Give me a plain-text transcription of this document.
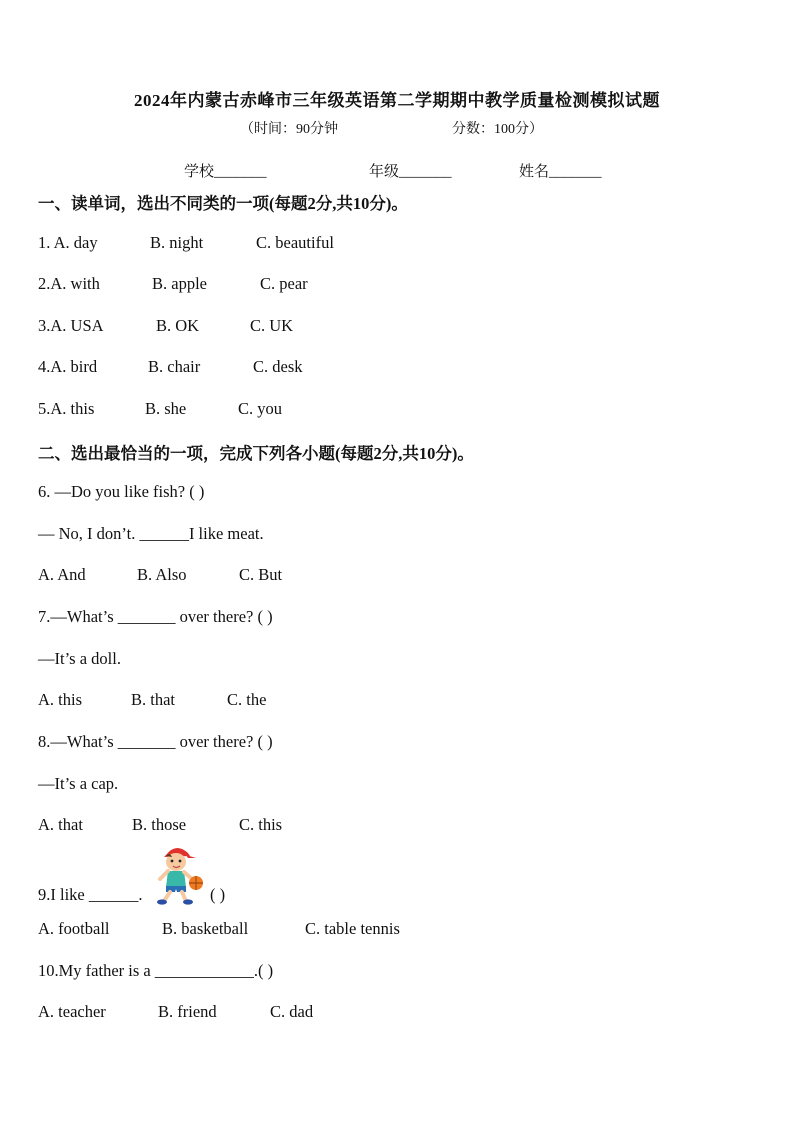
2024年内蒙古赤峰市三年级英语第二学期期中教学质量检测模拟试题
（时间：90分钟	分数：100分）
学校_______	年级_______	姓名_______
一、读单词，选出不同类的一项(每题2分,共10分)。
1. A. day	B. night	C. beautiful
2.A. with	B. apple	C. pear
3.A. USA	B. OK	C. UK
4.A. bird	B. chair	C. desk
5.A. this	B. she	C. you
二、选出最恰当的一项，完成下列各小题(每题2分,共10分)。
6. —Do you like fish? ( )
— No, I don’t. ______I like meat.
A. And	B. Also	C. But
7.—What’s _______ over there? ( )
—It’s a doll.
A. this	B. that	C. the
8.—What’s _______ over there? ( )
—It’s a cap.
A. that	B. those	C. this
9.I like ______.	( )
A. football	B. basketball	C. table tennis
10.My father is a ____________.( )
A. teacher	B. friend	C. dad
